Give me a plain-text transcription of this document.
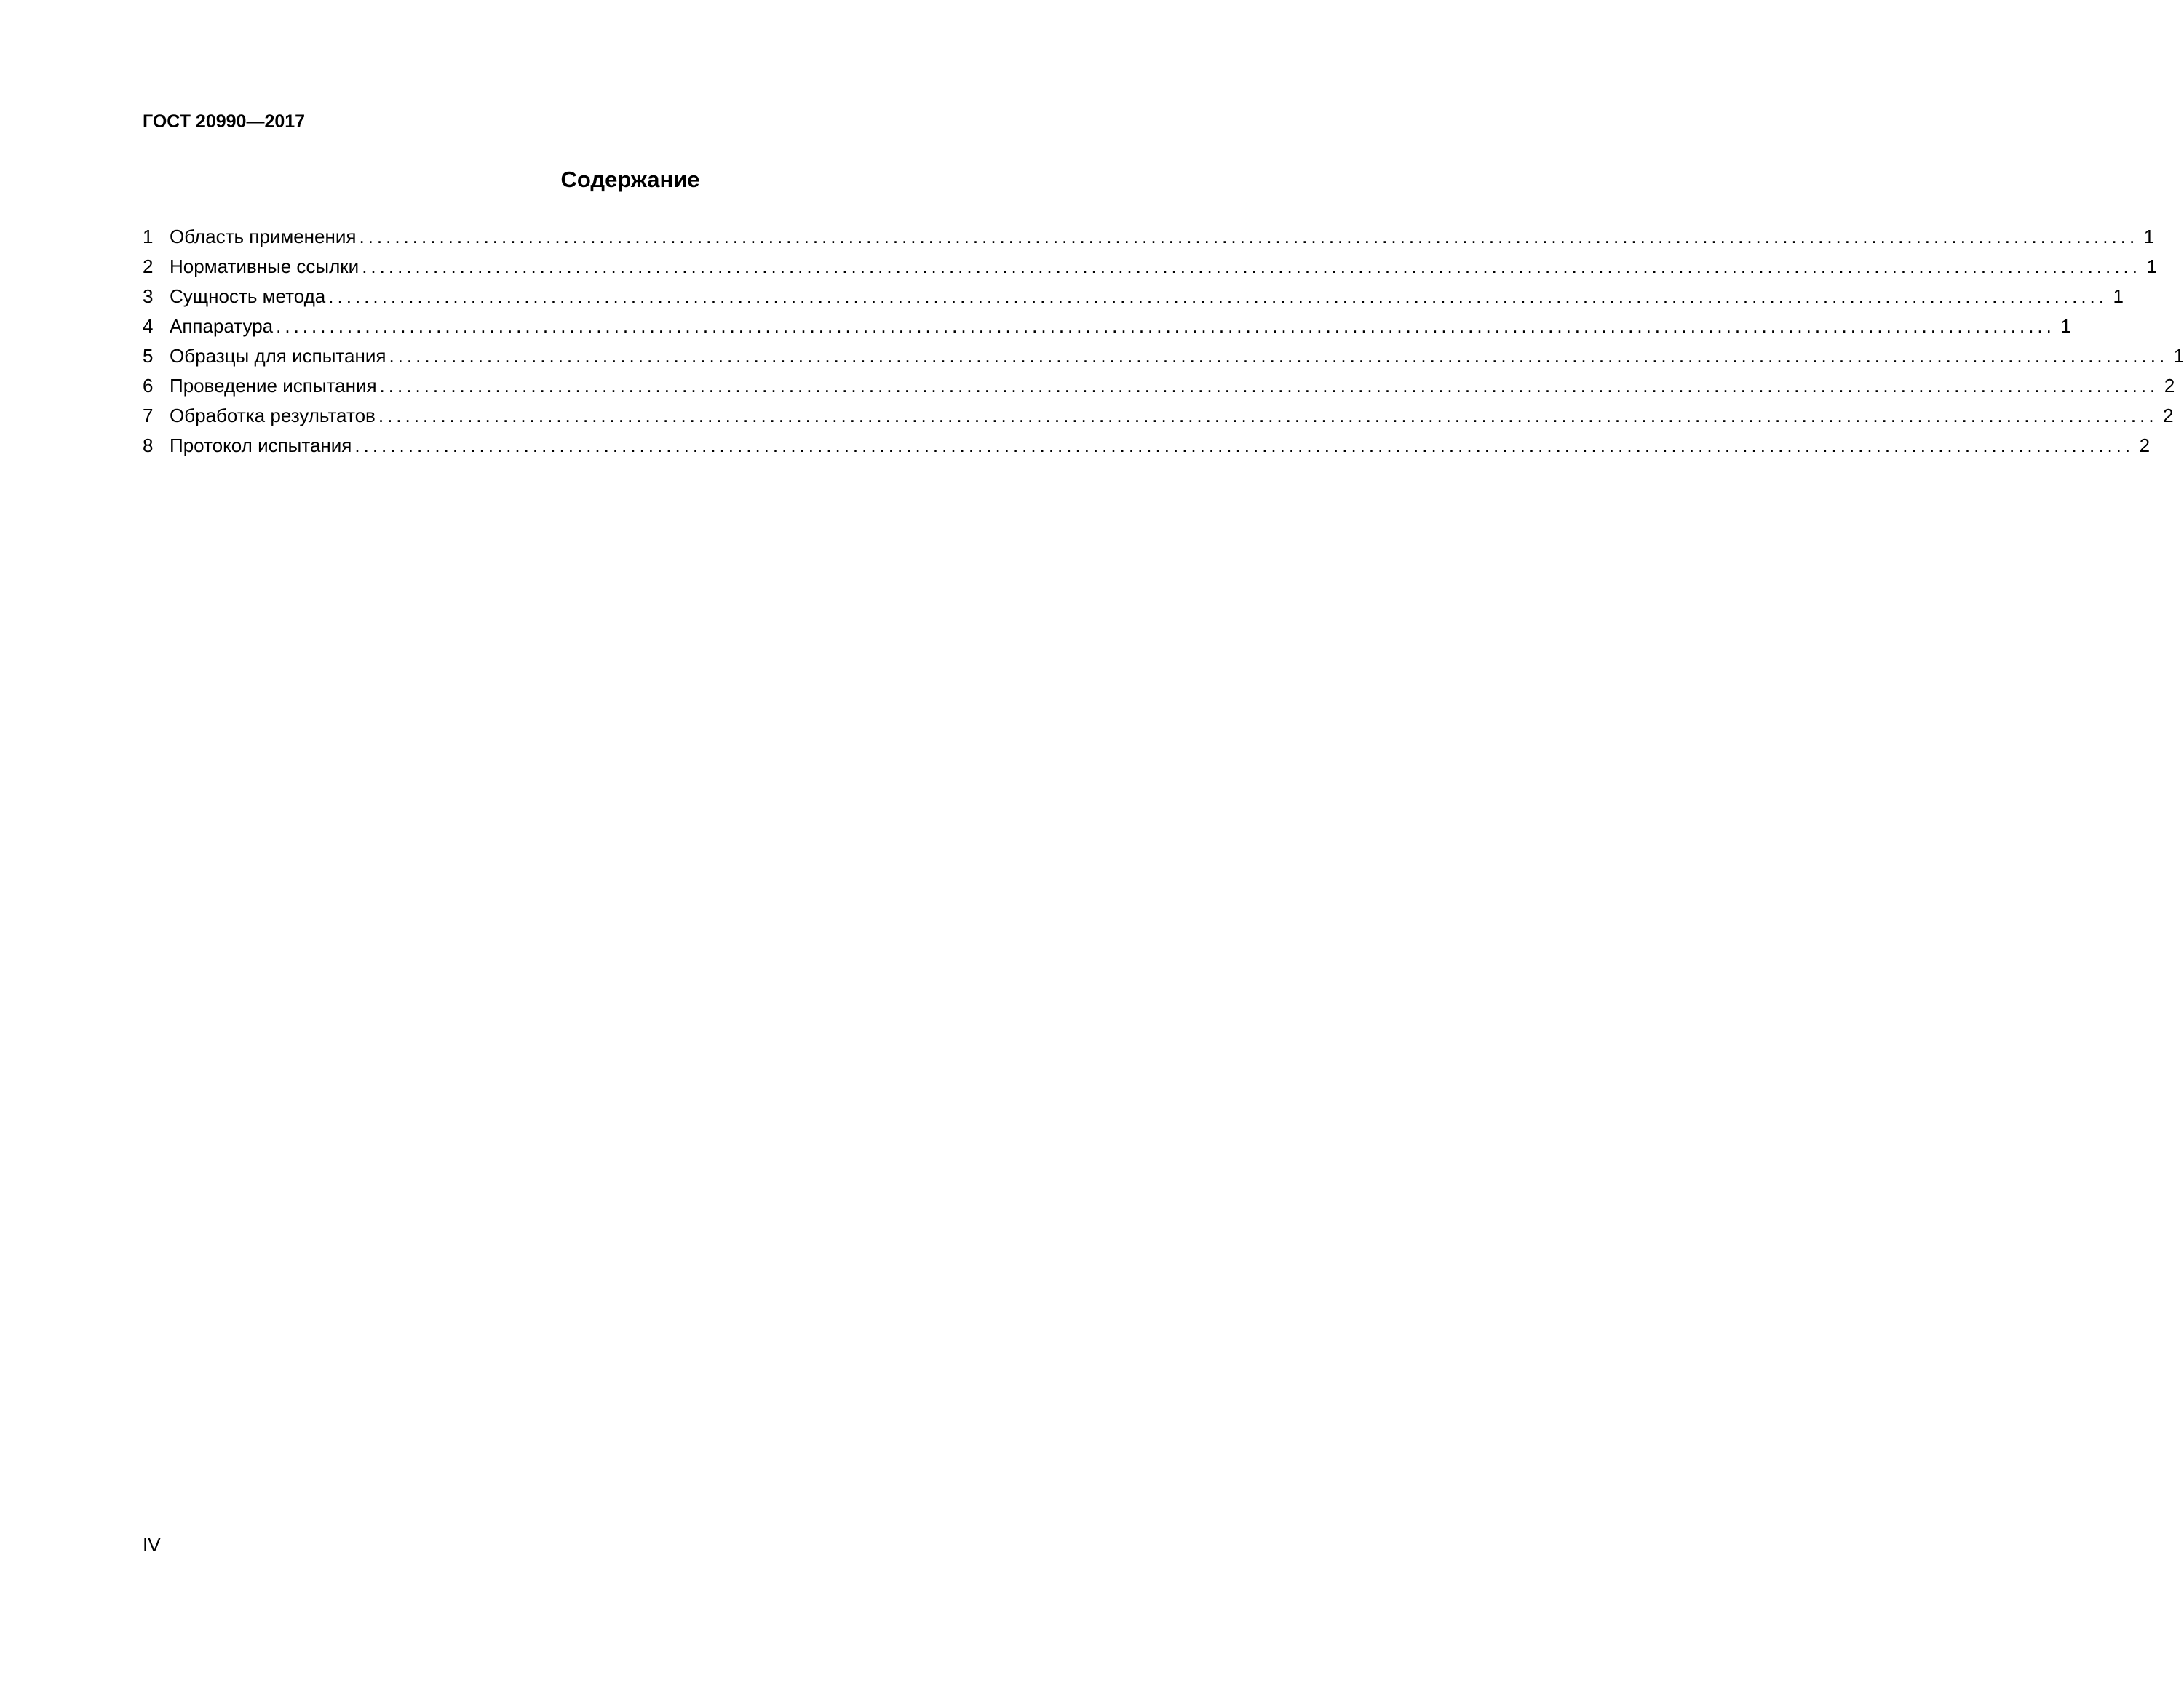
ГОСТ 20990—2017
Содержание
1 Область применения ........................................................................................................................................................................................................ 1
2 Нормативные ссылки ........................................................................................................................................................................................................ 1
3 Сущность метода ........................................................................................................................................................................................................ 1
4 Аппаратура ........................................................................................................................................................................................................ 1
5 Образцы для испытания ........................................................................................................................................................................................................ 1
6 Проведение испытания ........................................................................................................................................................................................................ 2
7 Обработка результатов ........................................................................................................................................................................................................ 2
8 Протокол испытания ........................................................................................................................................................................................................ 2
IV
